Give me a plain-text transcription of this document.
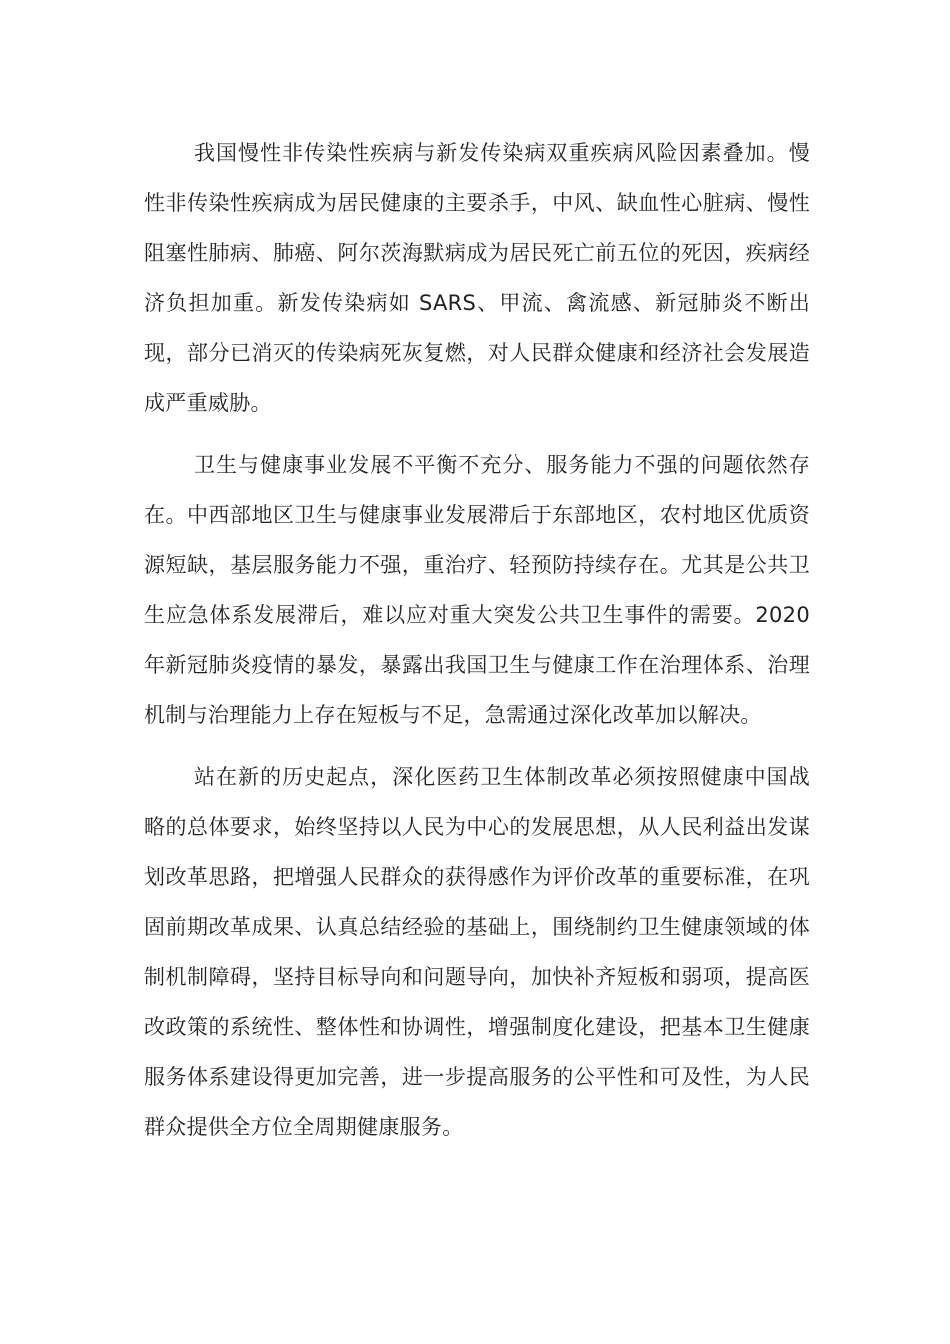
我国慢性非传染性疾病与新发传染病双重疾病风险因素叠加。慢性非传染性疾病成为居民健康的主要杀手，中风、缺血性心脏病、慢性阻塞性肺病、肺癌、阿尔茨海默病成为居民死亡前五位的死因，疾病经济负担加重。新发传染病如 SARS、甲流、禽流感、新冠肺炎不断出现，部分已消灭的传染病死灰复燃，对人民群众健康和经济社会发展造成严重威胁。

卫生与健康事业发展不平衡不充分、服务能力不强的问题依然存在。中西部地区卫生与健康事业发展滞后于东部地区，农村地区优质资源短缺，基层服务能力不强，重治疗、轻预防持续存在。尤其是公共卫生应急体系发展滞后，难以应对重大突发公共卫生事件的需要。2020 年新冠肺炎疫情的暴发，暴露出我国卫生与健康工作在治理体系、治理机制与治理能力上存在短板与不足，急需通过深化改革加以解决。

站在新的历史起点，深化医药卫生体制改革必须按照健康中国战略的总体要求，始终坚持以人民为中心的发展思想，从人民利益出发谋划改革思路，把增强人民群众的获得感作为评价改革的重要标准，在巩固前期改革成果、认真总结经验的基础上，围绕制约卫生健康领域的体制机制障碍，坚持目标导向和问题导向，加快补齐短板和弱项，提高医改政策的系统性、整体性和协调性，增强制度化建设，把基本卫生健康服务体系建设得更加完善，进一步提高服务的公平性和可及性，为人民群众提供全方位全周期健康服务。
